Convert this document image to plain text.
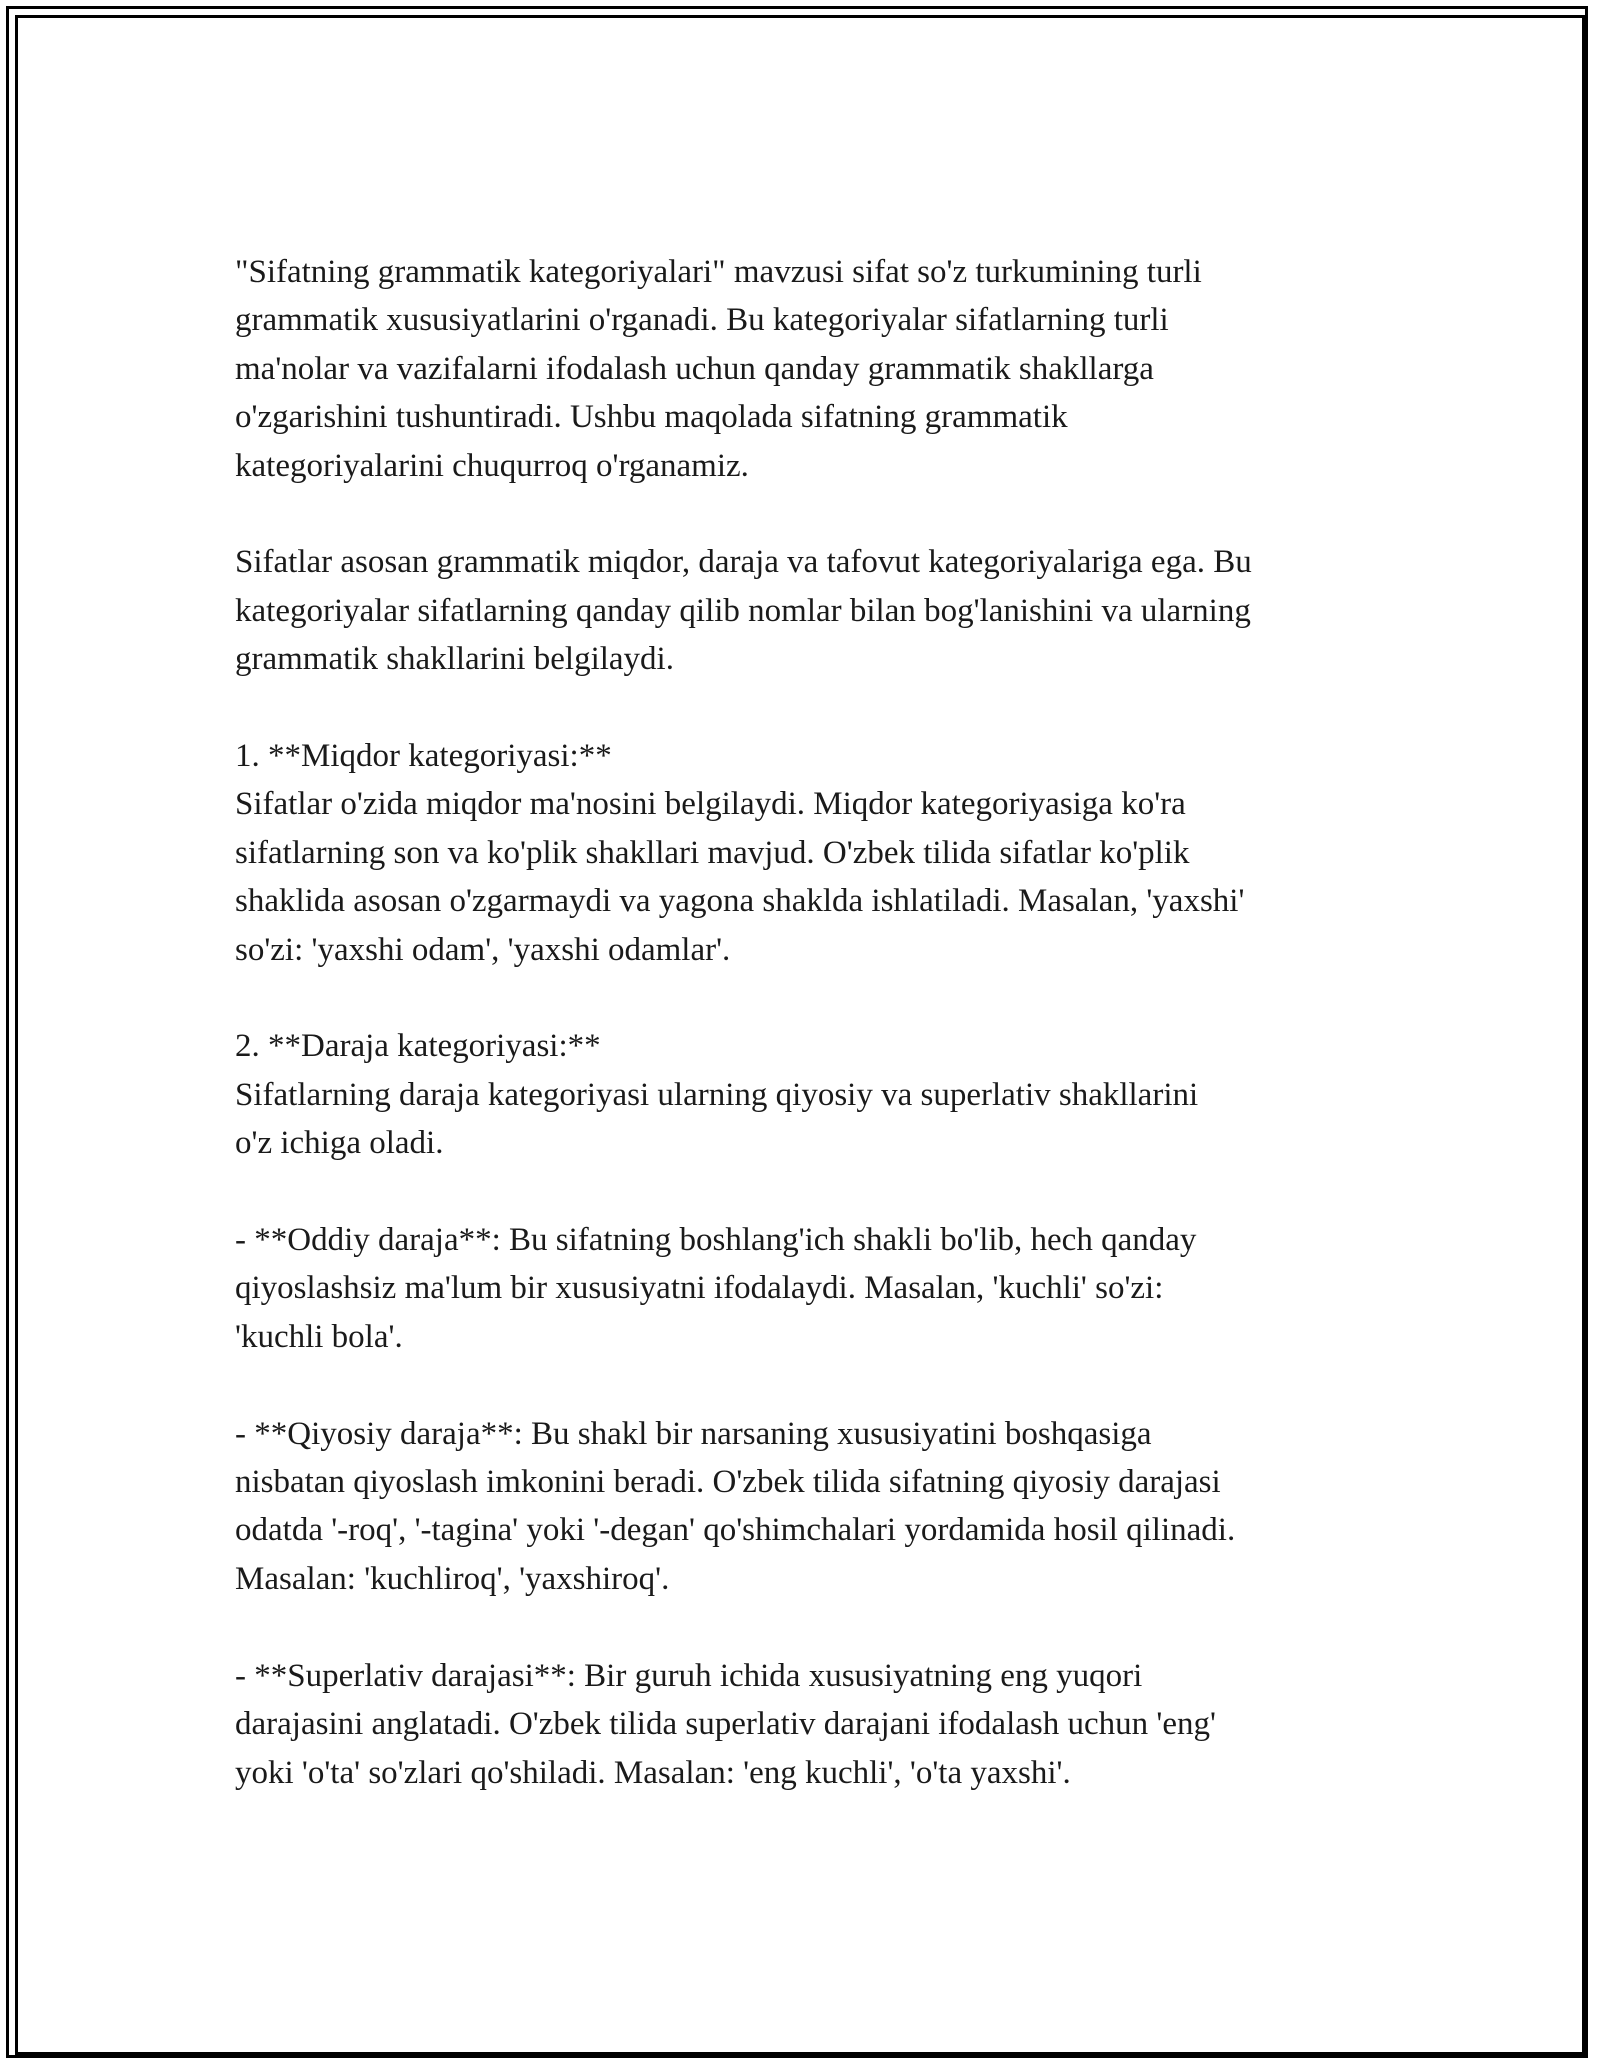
"Sifatning grammatik kategoriyalari" mavzusi sifat so'z turkumining turli
grammatik xususiyatlarini o'rganadi. Bu kategoriyalar sifatlarning turli
ma'nolar va vazifalarni ifodalash uchun qanday grammatik shakllarga
o'zgarishini tushuntiradi. Ushbu maqolada sifatning grammatik
kategoriyalarini chuqurroq o'rganamiz.

Sifatlar asosan grammatik miqdor, daraja va tafovut kategoriyalariga ega. Bu
kategoriyalar sifatlarning qanday qilib nomlar bilan bog'lanishini va ularning
grammatik shakllarini belgilaydi.

1. **Miqdor kategoriyasi:**
Sifatlar o'zida miqdor ma'nosini belgilaydi. Miqdor kategoriyasiga ko'ra
sifatlarning son va ko'plik shakllari mavjud. O'zbek tilida sifatlar ko'plik
shaklida asosan o'zgarmaydi va yagona shaklda ishlatiladi. Masalan, 'yaxshi'
so'zi: 'yaxshi odam', 'yaxshi odamlar'.

2. **Daraja kategoriyasi:**
Sifatlarning daraja kategoriyasi ularning qiyosiy va superlativ shakllarini
o'z ichiga oladi.

- **Oddiy daraja**: Bu sifatning boshlang'ich shakli bo'lib, hech qanday
qiyoslashsiz ma'lum bir xususiyatni ifodalaydi. Masalan, 'kuchli' so'zi:
'kuchli bola'.

- **Qiyosiy daraja**: Bu shakl bir narsaning xususiyatini boshqasiga
nisbatan qiyoslash imkonini beradi. O'zbek tilida sifatning qiyosiy darajasi
odatda '-roq', '-tagina' yoki '-degan' qo'shimchalari yordamida hosil qilinadi.
Masalan: 'kuchliroq', 'yaxshiroq'.

- **Superlativ darajasi**: Bir guruh ichida xususiyatning eng yuqori
darajasini anglatadi. O'zbek tilida superlativ darajani ifodalash uchun 'eng'
yoki 'o'ta' so'zlari qo'shiladi. Masalan: 'eng kuchli', 'o'ta yaxshi'.
